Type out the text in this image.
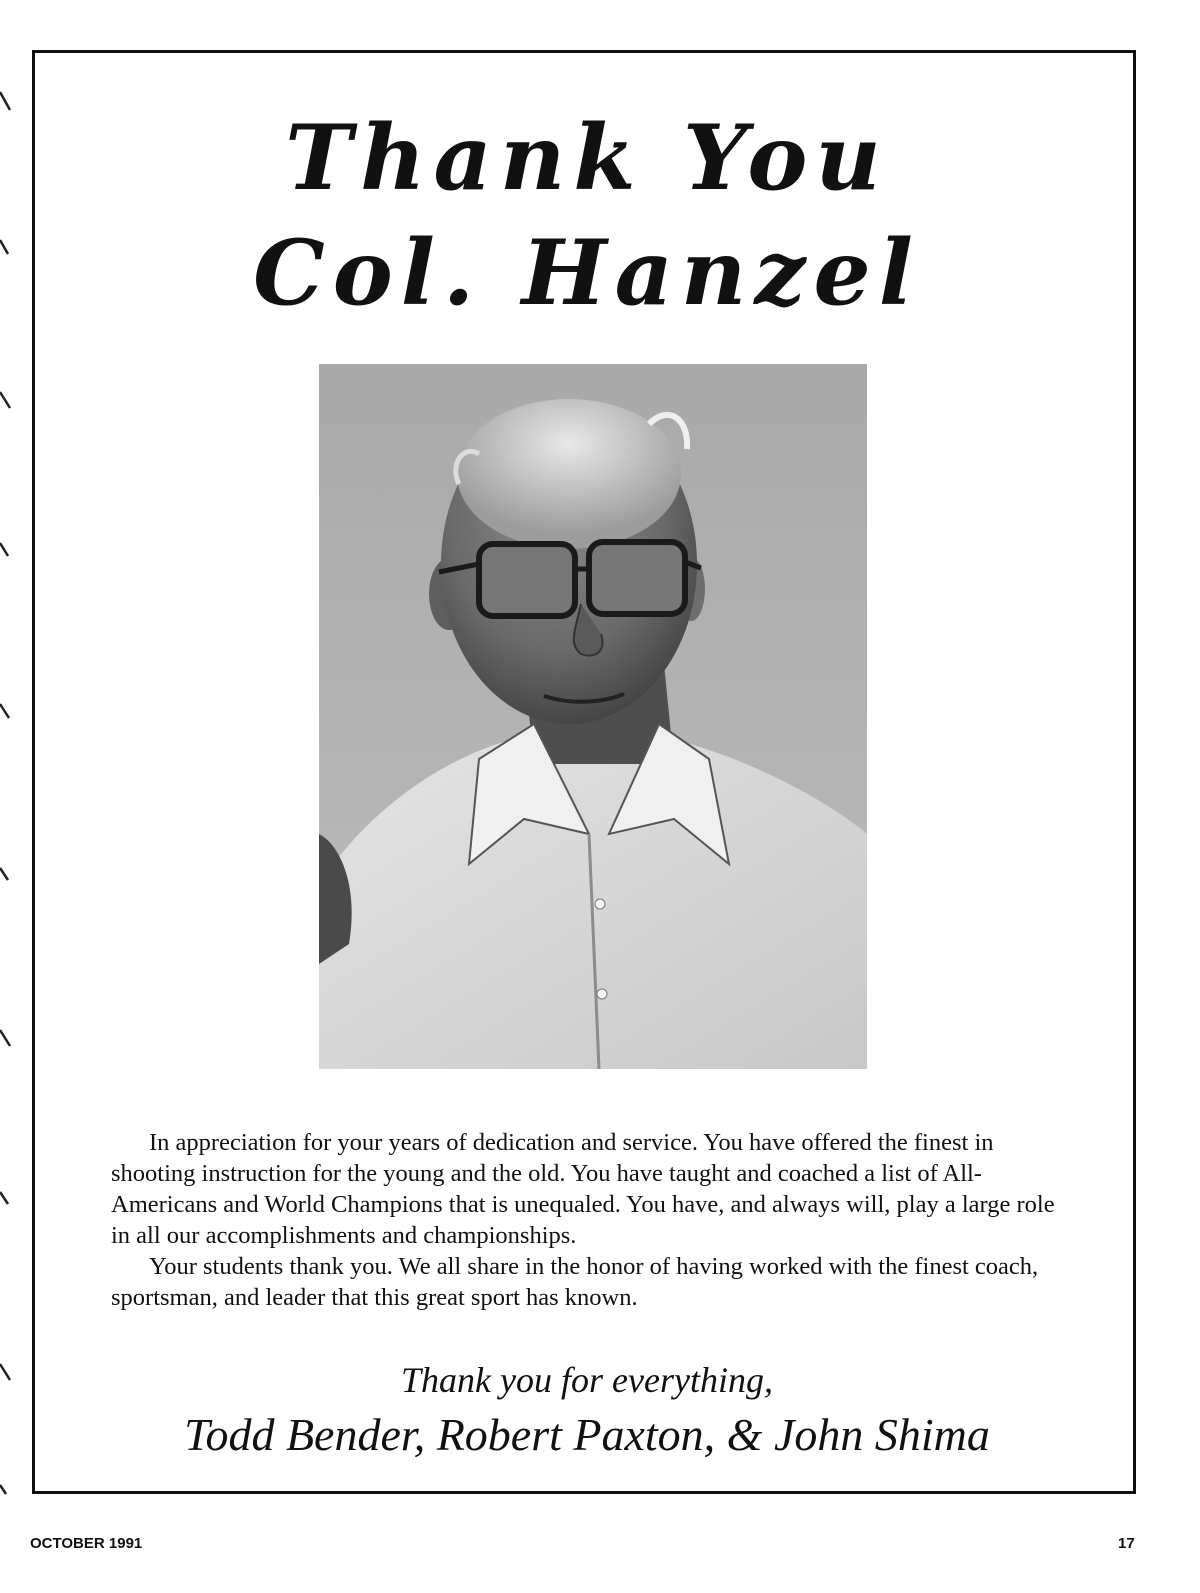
Thank You
Col. Hanzel

In appreciation for your years of dedication and service. You have offered the finest in shooting instruction for the young and the old. You have taught and coached a list of All-Americans and World Champions that is unequaled. You have, and always will, play a large role in all our accomplishments and championships.

Your students thank you. We all share in the honor of having worked with the finest coach, sportsman, and leader that this great sport has known.

Thank you for everything,

Todd Bender, Robert Paxton, & John Shima

OCTOBER 1991	17
